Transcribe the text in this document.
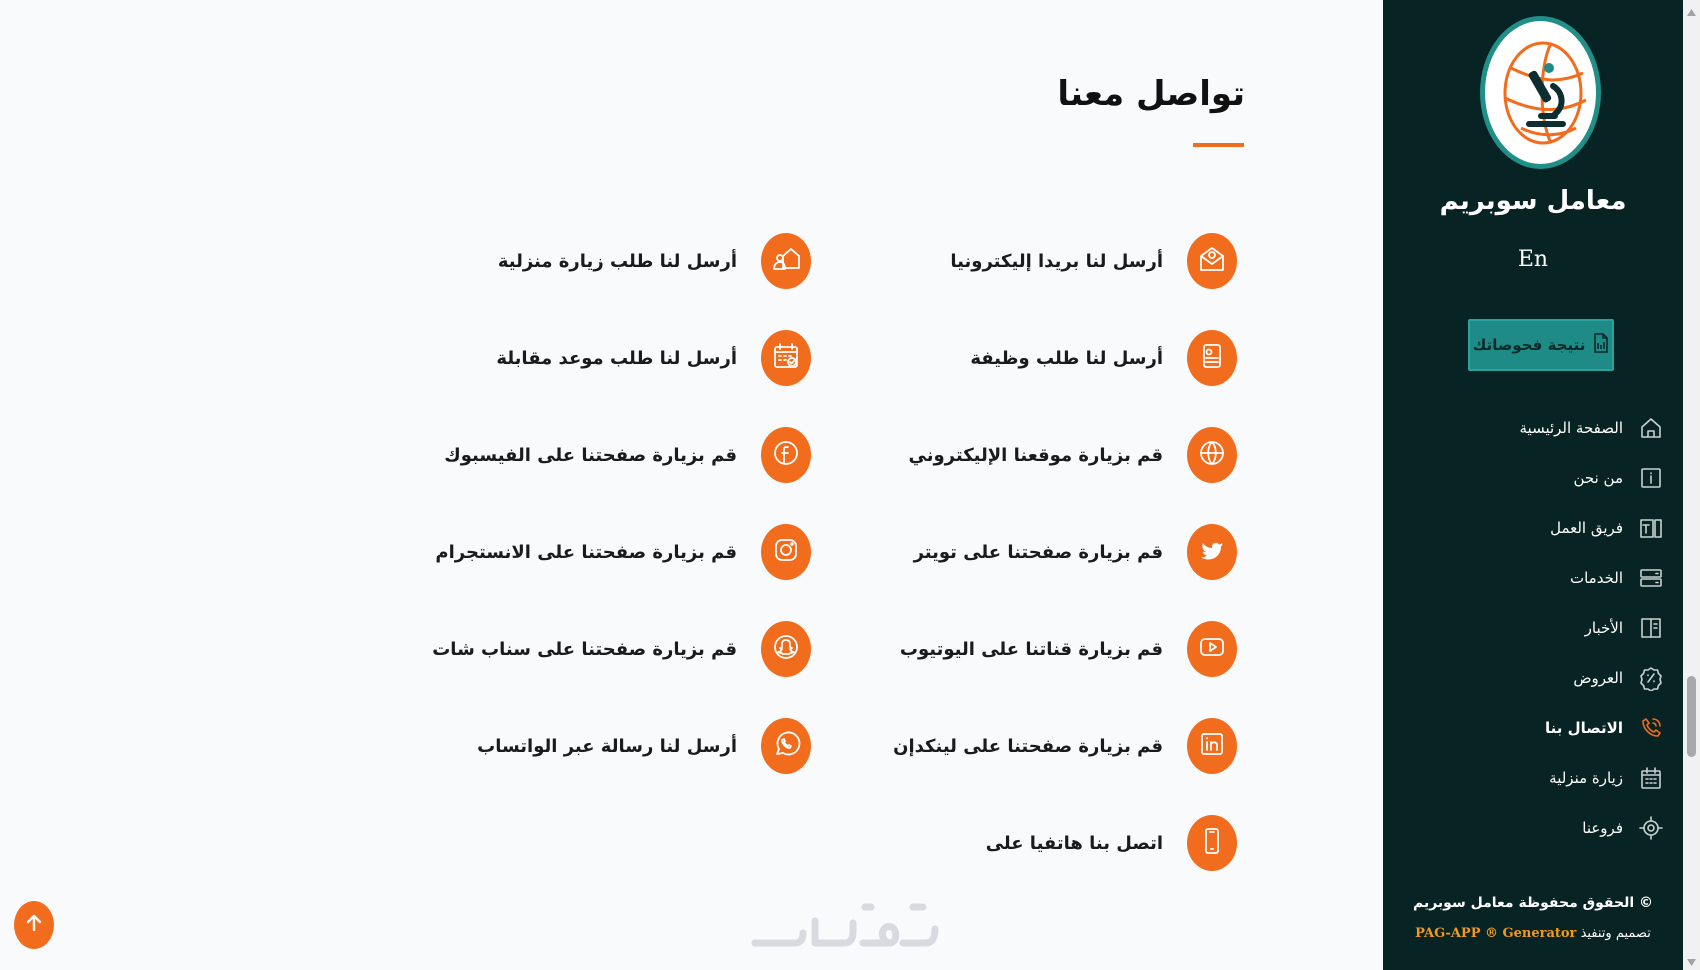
تواصل معنا
أرسل لنا بريدا إليكترونيا
أرسل لنا طلب وظيفة
قم بزيارة موقعنا الإليكتروني
قم بزيارة صفحتنا على تويتر
قم بزيارة قناتنا على اليوتيوب
قم بزيارة صفحتنا على لينكدإن
اتصل بنا هاتفيا على
أرسل لنا طلب زيارة منزلية
أرسل لنا طلب موعد مقابلة
قم بزيارة صفحتنا على الفيسبوك
قم بزيارة صفحتنا على الانستجرام
قم بزيارة صفحتنا على سناب شات
أرسل لنا رسالة عبر الواتساب
معامل سوبريم
En
نتيجة فحوصاتك
الصفحة الرئيسية
من نحن
فريق العمل
الخدمات
الأخبار
العروض
الاتصال بنا
زيارة منزلية
فروعنا
© الحقوق محفوظة معامل سوبريم
تصميم وتنفيذ PAG-APP ® Generator
